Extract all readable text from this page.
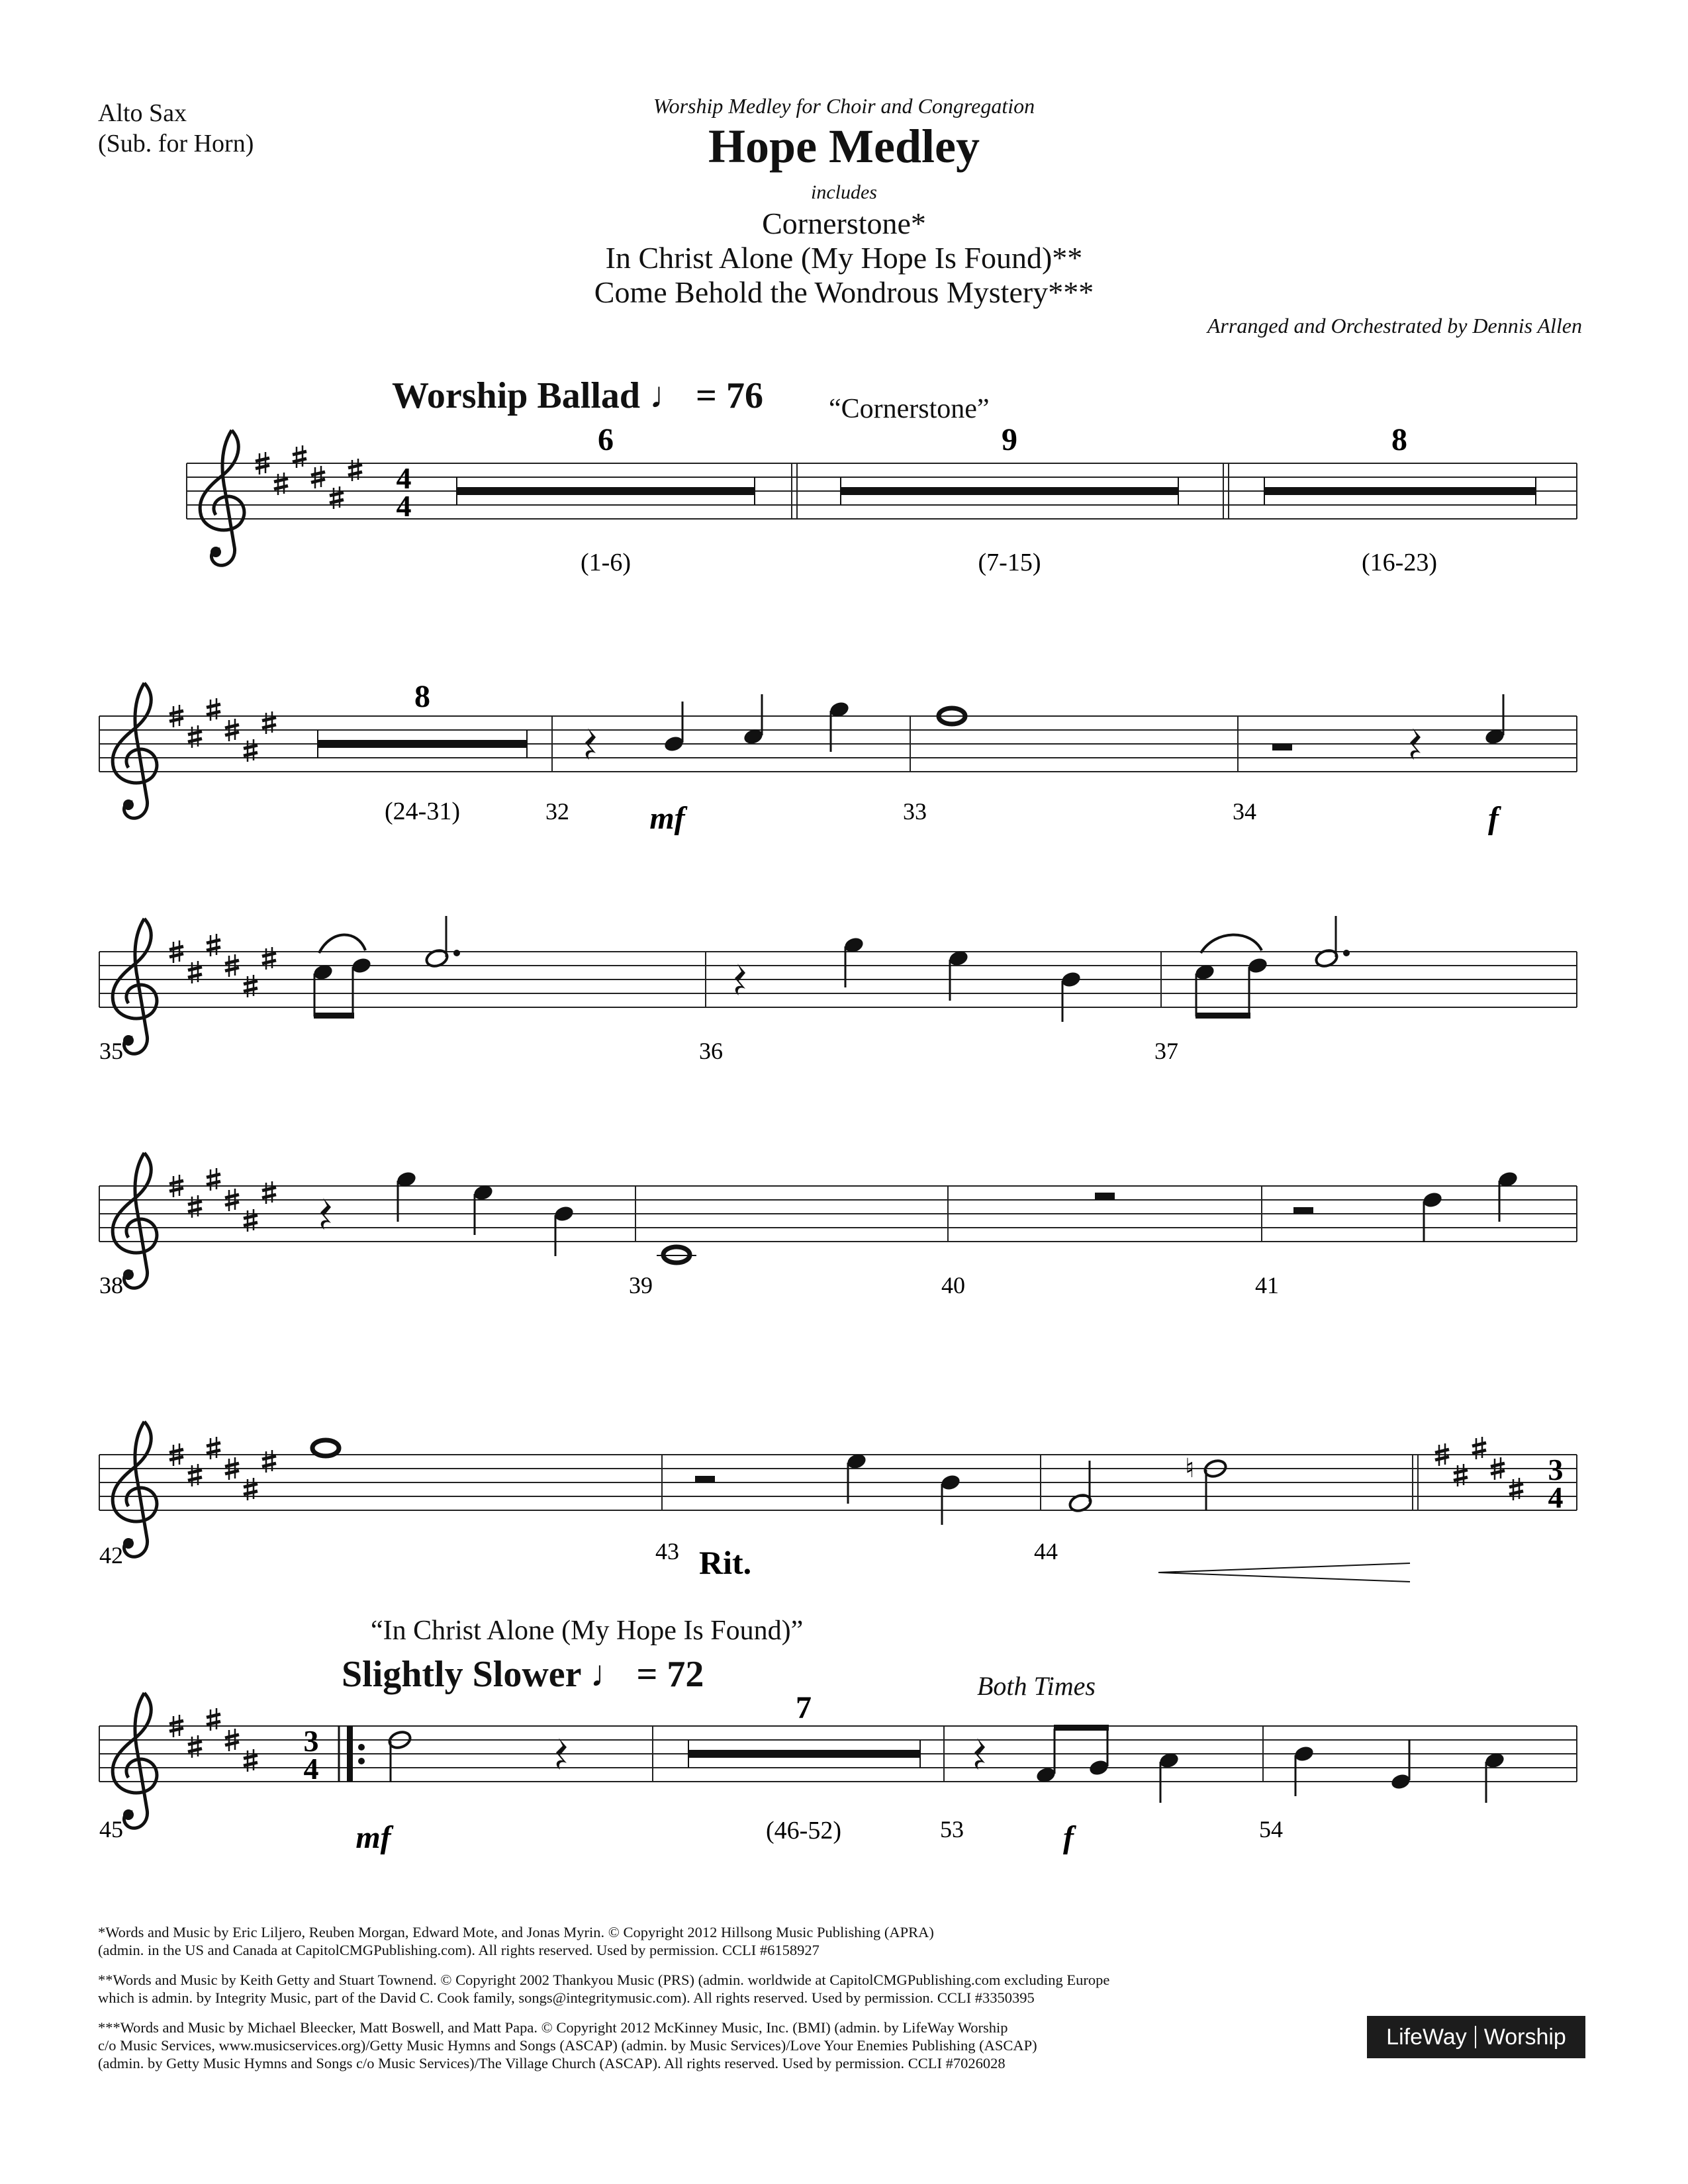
Alto Sax
(Sub. for Horn)
Worship Medley for Choir and Congregation
Hope Medley
includes
Cornerstone*
In Christ Alone (My Hope Is Found)**
Come Behold the Wondrous Mystery***
Arranged and Orchestrated by Dennis Allen
Worship Ballad ♩ = 76 “Cornerstone”
“In Christ Alone (My Hope Is Found)”
Slightly Slower ♩ = 72	Both Times
4
4
6
(1-6)
9
(7-15)
8
(16-23)
8
(24-31)	32	33	34
mf	f
35	36	37
38	39	40	41
♮	3
4
42	43	44
Rit.
3
4
7
(46-52)
45	53	54
mf	f
*Words and Music by Eric Liljero, Reuben Morgan, Edward Mote, and Jonas Myrin. © Copyright 2012 Hillsong Music Publishing (APRA)
(admin. in the US and Canada at CapitolCMGPublishing.com). All rights reserved. Used by permission. CCLI #6158927
**Words and Music by Keith Getty and Stuart Townend. © Copyright 2002 Thankyou Music (PRS) (admin. worldwide at CapitolCMGPublishing.com excluding Europe
which is admin. by Integrity Music, part of the David C. Cook family, songs@integritymusic.com). All rights reserved. Used by permission. CCLI #3350395
***Words and Music by Michael Bleecker, Matt Boswell, and Matt Papa. © Copyright 2012 McKinney Music, Inc. (BMI) (admin. by LifeWay Worship
c/o Music Services, www.musicservices.org)/Getty Music Hymns and Songs (ASCAP) (admin. by Music Services)/Love Your Enemies Publishing (ASCAP)
(admin. by Getty Music Hymns and Songs c/o Music Services)/The Village Church (ASCAP). All rights reserved. Used by permission. CCLI #7026028
LifeWay Worship
